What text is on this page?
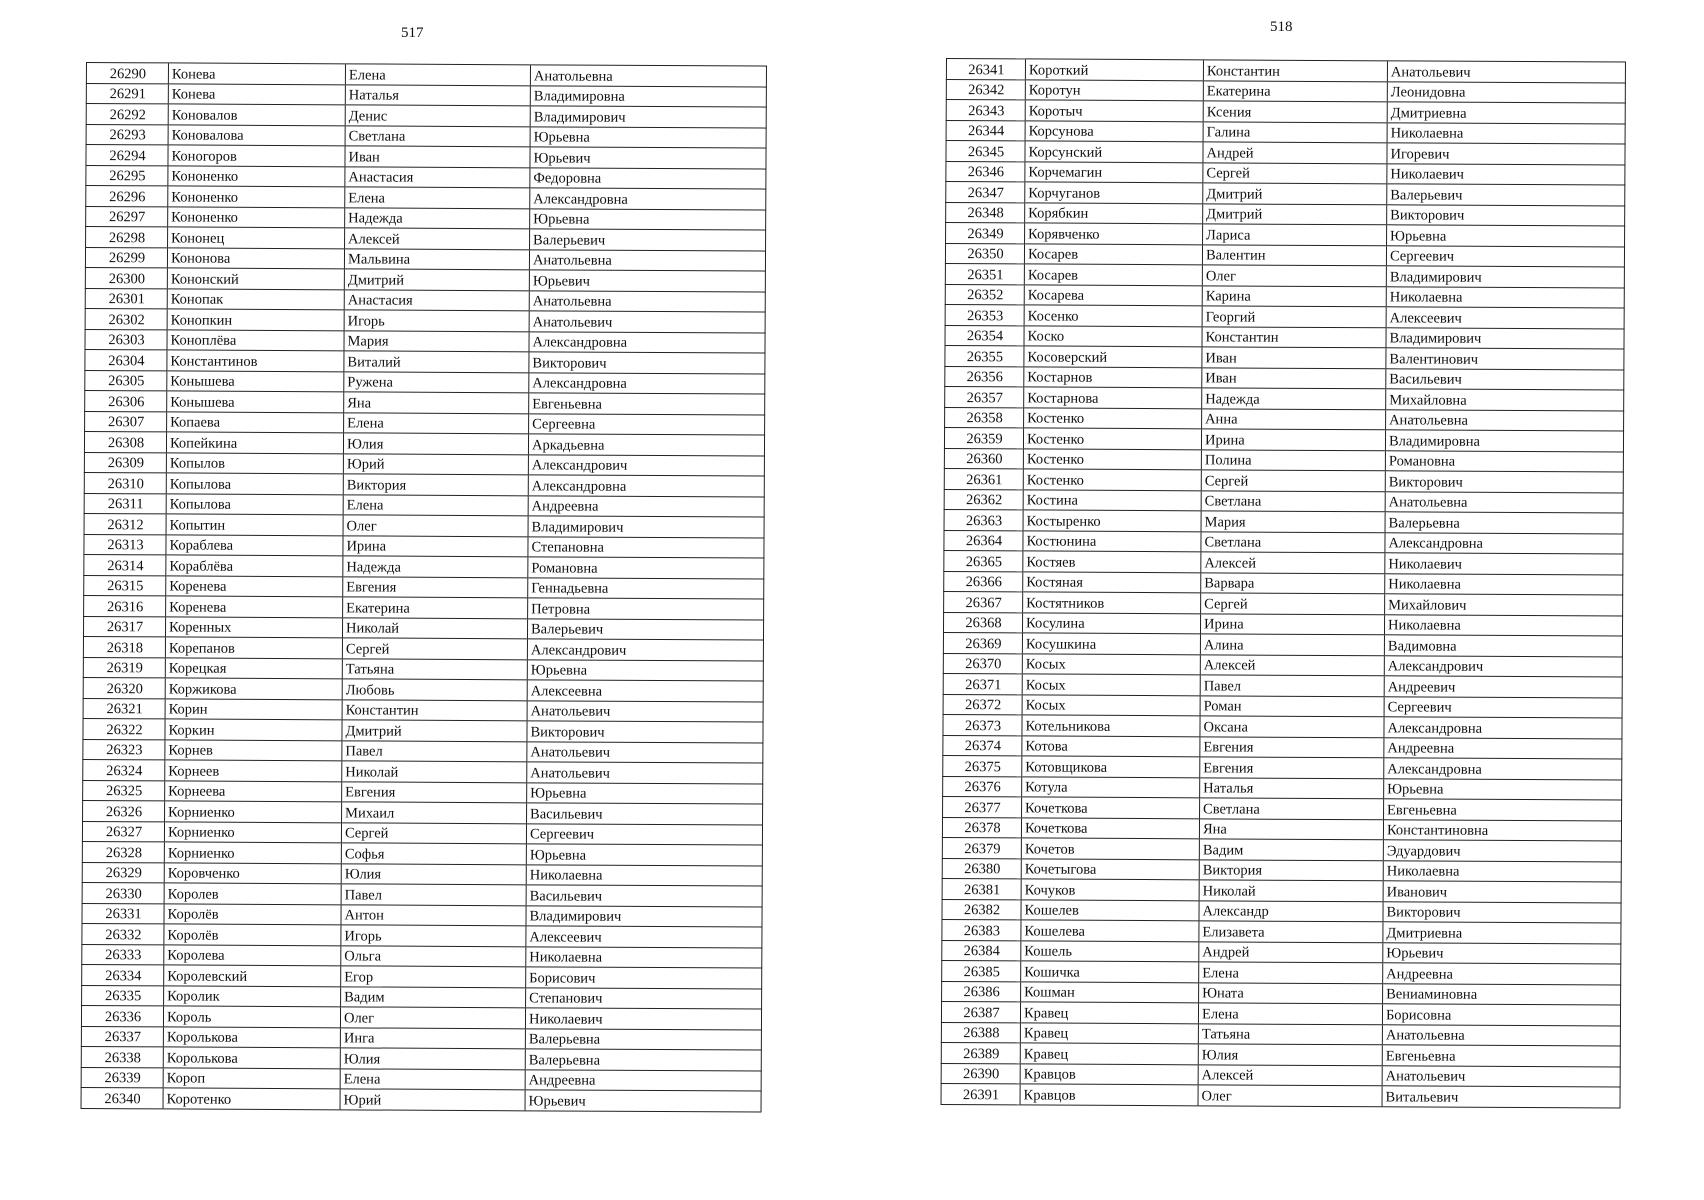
517	518
26290	Конева	Елена	Анатольевна
26291	Конева	Наталья	Владимировна
26292	Коновалов	Денис	Владимирович
26293	Коновалова	Светлана	Юрьевна
26294	Коногоров	Иван	Юрьевич
26295	Кононенко	Анастасия	Федоровна
26296	Кононенко	Елена	Александровна
26297	Кононенко	Надежда	Юрьевна
26298	Кононец	Алексей	Валерьевич
26299	Кононова	Мальвина	Анатольевна
26300	Кононский	Дмитрий	Юрьевич
26301	Конопак	Анастасия	Анатольевна
26302	Конопкин	Игорь	Анатольевич
26303	Коноплёва	Мария	Александровна
26304	Константинов	Виталий	Викторович
26305	Конышева	Ружена	Александровна
26306	Конышева	Яна	Евгеньевна
26307	Копаева	Елена	Сергеевна
26308	Копейкина	Юлия	Аркадьевна
26309	Копылов	Юрий	Александрович
26310	Копылова	Виктория	Александровна
26311	Копылова	Елена	Андреевна
26312	Копытин	Олег	Владимирович
26313	Кораблева	Ирина	Степановна
26314	Кораблёва	Надежда	Романовна
26315	Коренева	Евгения	Геннадьевна
26316	Коренева	Екатерина	Петровна
26317	Коренных	Николай	Валерьевич
26318	Корепанов	Сергей	Александрович
26319	Корецкая	Татьяна	Юрьевна
26320	Коржикова	Любовь	Алексеевна
26321	Корин	Константин	Анатольевич
26322	Коркин	Дмитрий	Викторович
26323	Корнев	Павел	Анатольевич
26324	Корнеев	Николай	Анатольевич
26325	Корнеева	Евгения	Юрьевна
26326	Корниенко	Михаил	Васильевич
26327	Корниенко	Сергей	Сергеевич
26328	Корниенко	Софья	Юрьевна
26329	Коровченко	Юлия	Николаевна
26330	Королев	Павел	Васильевич
26331	Королёв	Антон	Владимирович
26332	Королёв	Игорь	Алексеевич
26333	Королева	Ольга	Николаевна
26334	Королевский	Егор	Борисович
26335	Королик	Вадим	Степанович
26336	Король	Олег	Николаевич
26337	Королькова	Инга	Валерьевна
26338	Королькова	Юлия	Валерьевна
26339	Короп	Елена	Андреевна
26340	Коротенко	Юрий	Юрьевич
26341	Короткий	Константин	Анатольевич
26342	Коротун	Екатерина	Леонидовна
26343	Коротыч	Ксения	Дмитриевна
26344	Корсунова	Галина	Николаевна
26345	Корсунский	Андрей	Игоревич
26346	Корчемагин	Сергей	Николаевич
26347	Корчуганов	Дмитрий	Валерьевич
26348	Корябкин	Дмитрий	Викторович
26349	Корявченко	Лариса	Юрьевна
26350	Косарев	Валентин	Сергеевич
26351	Косарев	Олег	Владимирович
26352	Косарева	Карина	Николаевна
26353	Косенко	Георгий	Алексеевич
26354	Коско	Константин	Владимирович
26355	Косоверский	Иван	Валентинович
26356	Костарнов	Иван	Васильевич
26357	Костарнова	Надежда	Михайловна
26358	Костенко	Анна	Анатольевна
26359	Костенко	Ирина	Владимировна
26360	Костенко	Полина	Романовна
26361	Костенко	Сергей	Викторович
26362	Костина	Светлана	Анатольевна
26363	Костыренко	Мария	Валерьевна
26364	Костюнина	Светлана	Александровна
26365	Костяев	Алексей	Николаевич
26366	Костяная	Варвара	Николаевна
26367	Костятников	Сергей	Михайлович
26368	Косулина	Ирина	Николаевна
26369	Косушкина	Алина	Вадимовна
26370	Косых	Алексей	Александрович
26371	Косых	Павел	Андреевич
26372	Косых	Роман	Сергеевич
26373	Котельникова	Оксана	Александровна
26374	Котова	Евгения	Андреевна
26375	Котовщикова	Евгения	Александровна
26376	Котула	Наталья	Юрьевна
26377	Кочеткова	Светлана	Евгеньевна
26378	Кочеткова	Яна	Константиновна
26379	Кочетов	Вадим	Эдуардович
26380	Кочетыгова	Виктория	Николаевна
26381	Кочуков	Николай	Иванович
26382	Кошелев	Александр	Викторович
26383	Кошелева	Елизавета	Дмитриевна
26384	Кошель	Андрей	Юрьевич
26385	Кошичка	Елена	Андреевна
26386	Кошман	Юната	Вениаминовна
26387	Кравец	Елена	Борисовна
26388	Кравец	Татьяна	Анатольевна
26389	Кравец	Юлия	Евгеньевна
26390	Кравцов	Алексей	Анатольевич
26391	Кравцов	Олег	Витальевич
